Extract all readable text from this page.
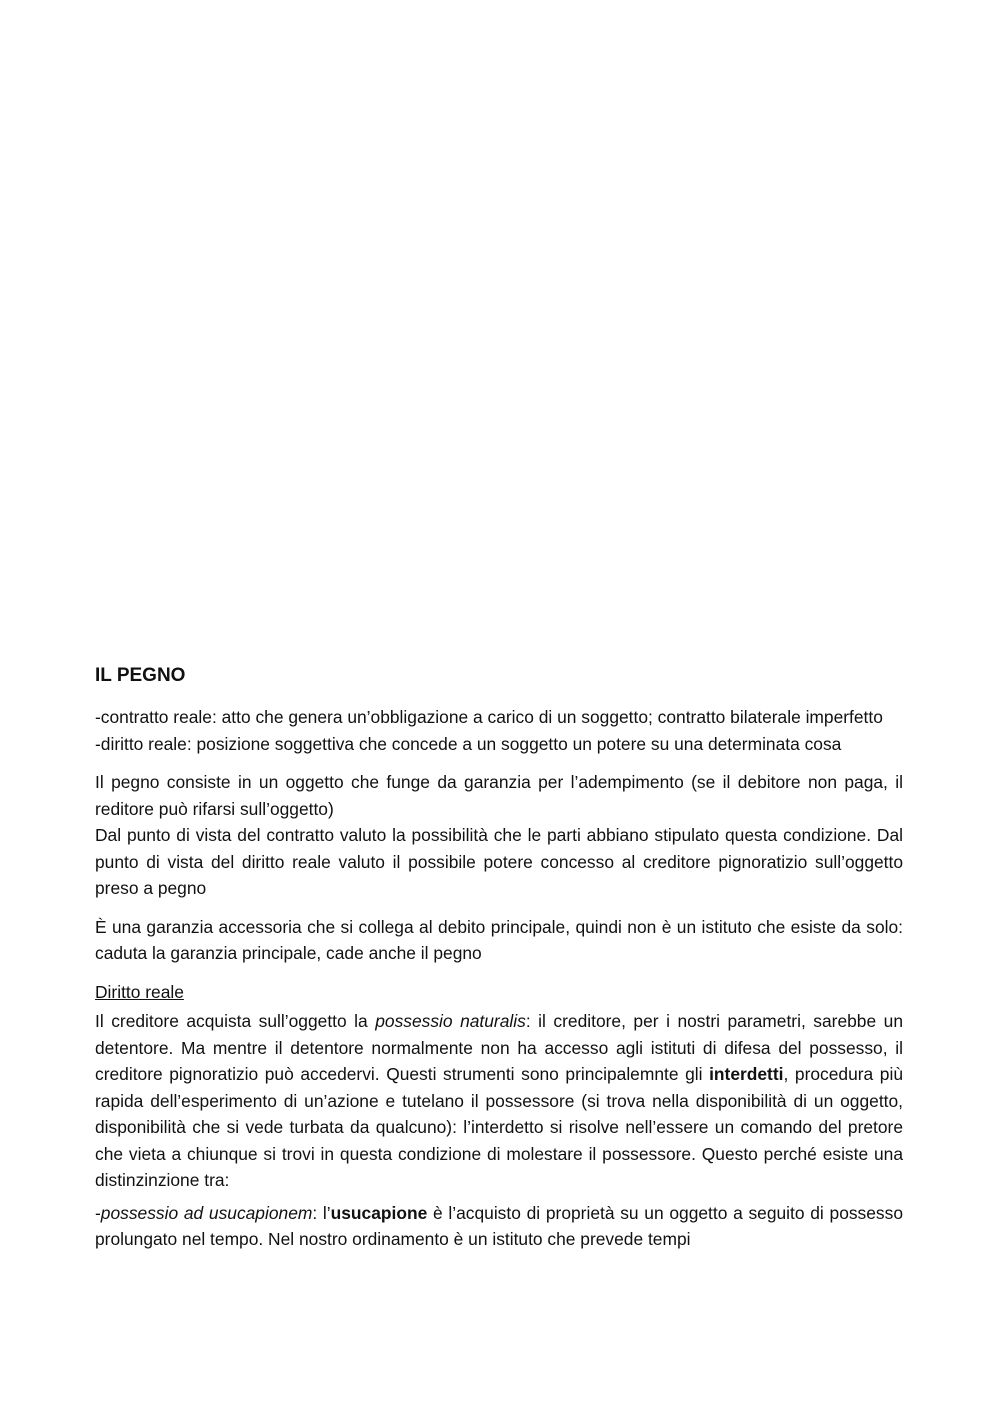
IL PEGNO

-contratto reale: atto che genera un’obbligazione a carico di un soggetto; contratto bilaterale imperfetto

-diritto reale: posizione soggettiva che concede a un soggetto un potere su una determinata cosa

Il pegno consiste in un oggetto che funge da garanzia per l’adempimento (se il debitore non paga, il reditore può rifarsi sull’oggetto)

Dal punto di vista del contratto valuto la possibilità che le parti abbiano stipulato questa condizione. Dal punto di vista del diritto reale valuto il possibile potere concesso al creditore pignoratizio sull’oggetto preso a pegno

È una garanzia accessoria che si collega al debito principale, quindi non è un istituto che esiste da solo: caduta la garanzia principale, cade anche il pegno

Diritto reale

Il creditore acquista sull’oggetto la possessio naturalis: il creditore, per i nostri parametri, sarebbe un detentore. Ma mentre il detentore normalmente non ha accesso agli istituti di difesa del possesso, il creditore pignoratizio può accedervi. Questi strumenti sono principalemnte gli interdetti, procedura più rapida dell’esperimento di un’azione e tutelano il possessore (si trova nella disponibilità di un oggetto, disponibilità che si vede turbata da qualcuno): l’interdetto si risolve nell’essere un comando del pretore che vieta a chiunque si trovi in questa condizione di molestare il possessore. Questo perché esiste una distinzinzione tra:

-possessio ad usucapionem: l’usucapione è l’acquisto di proprietà su un oggetto a seguito di possesso prolungato nel tempo. Nel nostro ordinamento è un istituto che prevede tempi
